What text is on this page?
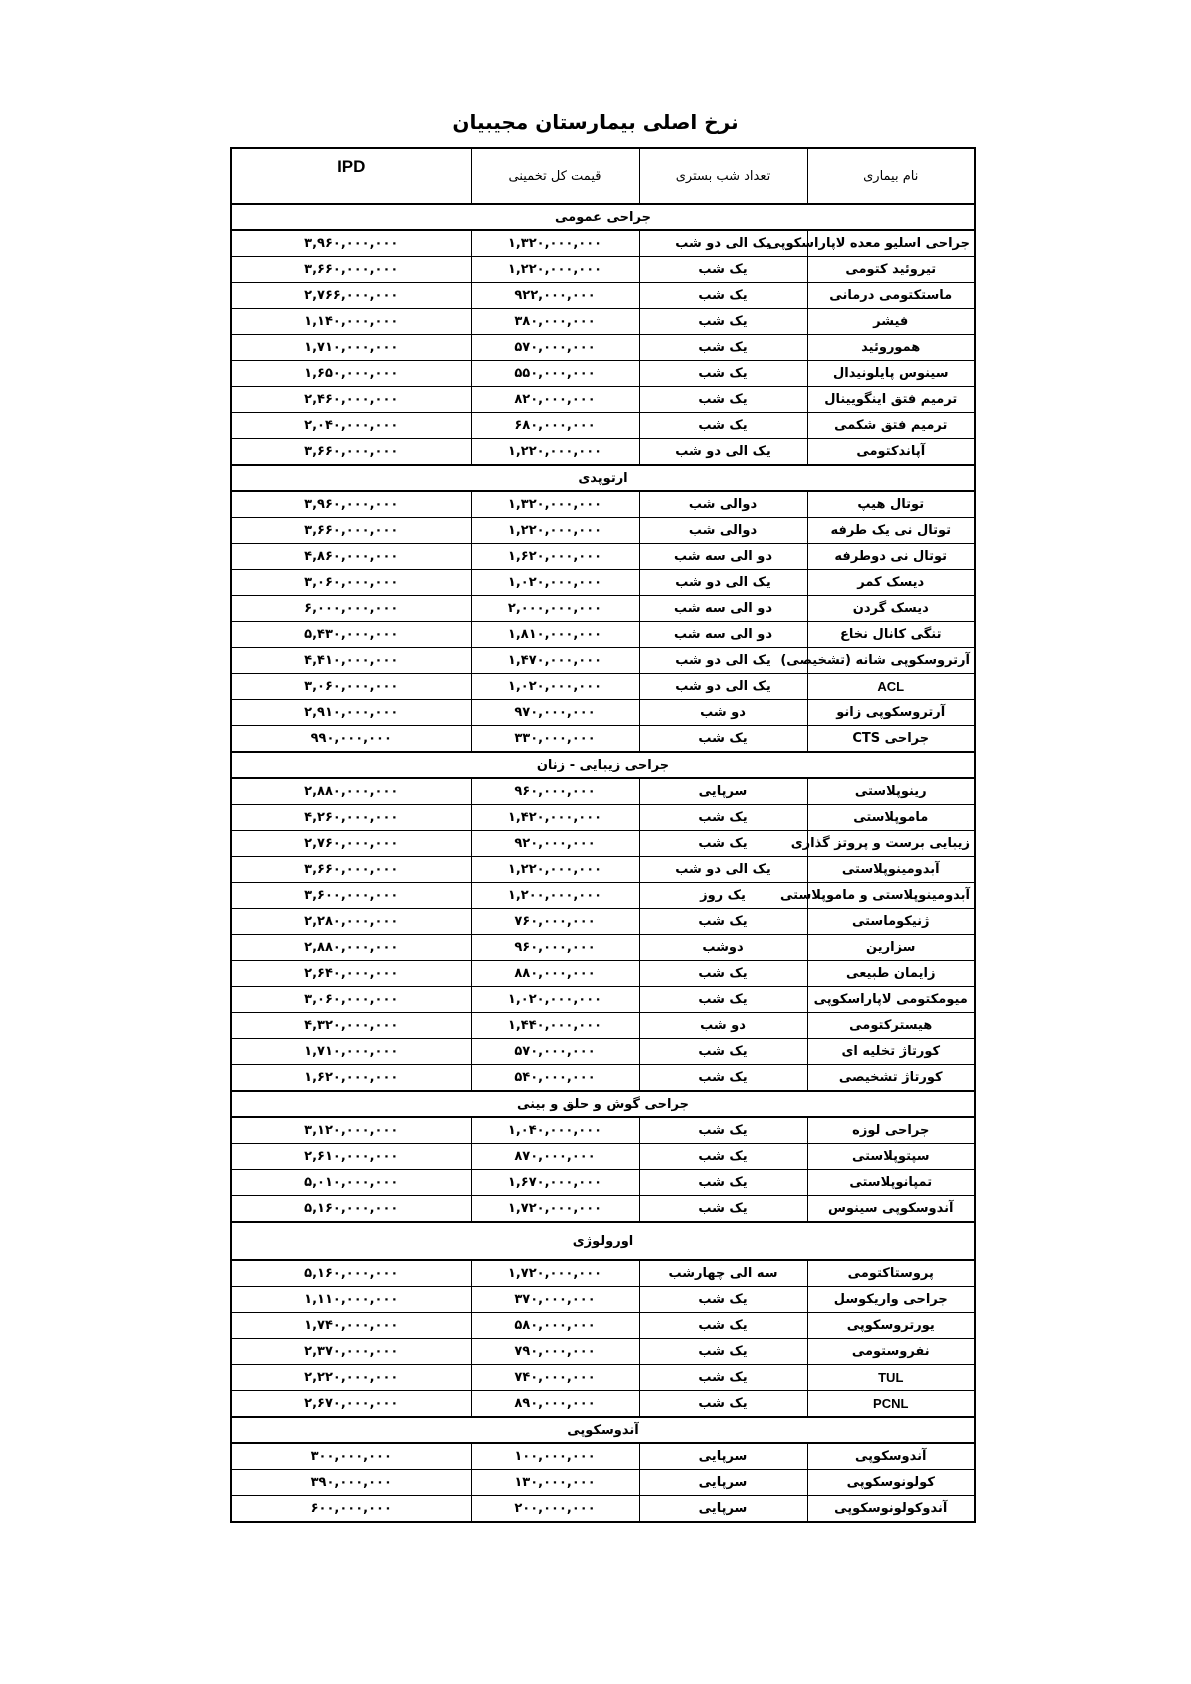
نرخ اصلی بیمارستان مجیبیان
نام بیماری	تعداد شب بستری	قیمت کل تخمینی	IPD
جراحی عمومی			
جراحی اسلیو معده لاپاراسکوپی	یک الی دو شب	۱,۳۲۰,۰۰۰,۰۰۰	۳,۹۶۰,۰۰۰,۰۰۰
تیروئید کتومی	یک شب	۱,۲۲۰,۰۰۰,۰۰۰	۳,۶۶۰,۰۰۰,۰۰۰
ماستکتومی درمانی	یک شب	۹۲۲,۰۰۰,۰۰۰	۲,۷۶۶,۰۰۰,۰۰۰
فیشر	یک شب	۳۸۰,۰۰۰,۰۰۰	۱,۱۴۰,۰۰۰,۰۰۰
هموروئید	یک شب	۵۷۰,۰۰۰,۰۰۰	۱,۷۱۰,۰۰۰,۰۰۰
سینوس پایلونیدال	یک شب	۵۵۰,۰۰۰,۰۰۰	۱,۶۵۰,۰۰۰,۰۰۰
ترمیم فتق اینگویینال	یک شب	۸۲۰,۰۰۰,۰۰۰	۲,۴۶۰,۰۰۰,۰۰۰
ترمیم فتق شکمی	یک شب	۶۸۰,۰۰۰,۰۰۰	۲,۰۴۰,۰۰۰,۰۰۰
آپاندکتومی	یک الی دو شب	۱,۲۲۰,۰۰۰,۰۰۰	۳,۶۶۰,۰۰۰,۰۰۰
ارتوپدی			
توتال هیپ	دوالی شب	۱,۳۲۰,۰۰۰,۰۰۰	۳,۹۶۰,۰۰۰,۰۰۰
توتال نی یک طرفه	دوالی شب	۱,۲۲۰,۰۰۰,۰۰۰	۳,۶۶۰,۰۰۰,۰۰۰
توتال نی دوطرفه	دو الی سه شب	۱,۶۲۰,۰۰۰,۰۰۰	۴,۸۶۰,۰۰۰,۰۰۰
دیسک کمر	یک الی دو شب	۱,۰۲۰,۰۰۰,۰۰۰	۳,۰۶۰,۰۰۰,۰۰۰
دیسک گردن	دو الی سه شب	۲,۰۰۰,۰۰۰,۰۰۰	۶,۰۰۰,۰۰۰,۰۰۰
تنگی کانال نخاع	دو الی سه شب	۱,۸۱۰,۰۰۰,۰۰۰	۵,۴۳۰,۰۰۰,۰۰۰
آرتروسکوپی شانه (تشخیصی)	یک الی دو شب	۱,۴۷۰,۰۰۰,۰۰۰	۴,۴۱۰,۰۰۰,۰۰۰
ACL	یک الی دو شب	۱,۰۲۰,۰۰۰,۰۰۰	۳,۰۶۰,۰۰۰,۰۰۰
آرتروسکوپی زانو	دو شب	۹۷۰,۰۰۰,۰۰۰	۲,۹۱۰,۰۰۰,۰۰۰
جراحی CTS	یک شب	۳۳۰,۰۰۰,۰۰۰	۹۹۰,۰۰۰,۰۰۰
جراحی زیبایی - زنان			
رینوپلاستی	سرپایی	۹۶۰,۰۰۰,۰۰۰	۲,۸۸۰,۰۰۰,۰۰۰
ماموپلاستی	یک شب	۱,۴۲۰,۰۰۰,۰۰۰	۴,۲۶۰,۰۰۰,۰۰۰
زیبایی برست و پروتز گذاری	یک شب	۹۲۰,۰۰۰,۰۰۰	۲,۷۶۰,۰۰۰,۰۰۰
آبدومینوپلاستی	یک الی دو شب	۱,۲۲۰,۰۰۰,۰۰۰	۳,۶۶۰,۰۰۰,۰۰۰
آبدومینوپلاستی و ماموپلاستی	یک روز	۱,۲۰۰,۰۰۰,۰۰۰	۳,۶۰۰,۰۰۰,۰۰۰
ژنیکوماستی	یک شب	۷۶۰,۰۰۰,۰۰۰	۲,۲۸۰,۰۰۰,۰۰۰
سزارین	دوشب	۹۶۰,۰۰۰,۰۰۰	۲,۸۸۰,۰۰۰,۰۰۰
زایمان طبیعی	یک شب	۸۸۰,۰۰۰,۰۰۰	۲,۶۴۰,۰۰۰,۰۰۰
میومکتومی لاپاراسکوپی	یک شب	۱,۰۲۰,۰۰۰,۰۰۰	۳,۰۶۰,۰۰۰,۰۰۰
هیسترکتومی	دو شب	۱,۴۴۰,۰۰۰,۰۰۰	۴,۳۲۰,۰۰۰,۰۰۰
کورتاژ تخلیه ای	یک شب	۵۷۰,۰۰۰,۰۰۰	۱,۷۱۰,۰۰۰,۰۰۰
کورتاژ تشخیصی	یک شب	۵۴۰,۰۰۰,۰۰۰	۱,۶۲۰,۰۰۰,۰۰۰
جراحی گوش و حلق و بینی			
جراحی لوزه	یک شب	۱,۰۴۰,۰۰۰,۰۰۰	۳,۱۲۰,۰۰۰,۰۰۰
سپتوپلاستی	یک شب	۸۷۰,۰۰۰,۰۰۰	۲,۶۱۰,۰۰۰,۰۰۰
تمپانوپلاستی	یک شب	۱,۶۷۰,۰۰۰,۰۰۰	۵,۰۱۰,۰۰۰,۰۰۰
آندوسکوپی سینوس	یک شب	۱,۷۲۰,۰۰۰,۰۰۰	۵,۱۶۰,۰۰۰,۰۰۰
اورولوژی			
پروستاکتومی	سه الی چهارشب	۱,۷۲۰,۰۰۰,۰۰۰	۵,۱۶۰,۰۰۰,۰۰۰
جراحی واریکوسل	یک شب	۳۷۰,۰۰۰,۰۰۰	۱,۱۱۰,۰۰۰,۰۰۰
یورتروسکوپی	یک شب	۵۸۰,۰۰۰,۰۰۰	۱,۷۴۰,۰۰۰,۰۰۰
نفروستومی	یک شب	۷۹۰,۰۰۰,۰۰۰	۲,۳۷۰,۰۰۰,۰۰۰
TUL	یک شب	۷۴۰,۰۰۰,۰۰۰	۲,۲۲۰,۰۰۰,۰۰۰
PCNL	یک شب	۸۹۰,۰۰۰,۰۰۰	۲,۶۷۰,۰۰۰,۰۰۰
آندوسکوپی			
آندوسکوپی	سرپایی	۱۰۰,۰۰۰,۰۰۰	۳۰۰,۰۰۰,۰۰۰
کولونوسکوپی	سرپایی	۱۳۰,۰۰۰,۰۰۰	۳۹۰,۰۰۰,۰۰۰
آندوکولونوسکوپی	سرپایی	۲۰۰,۰۰۰,۰۰۰	۶۰۰,۰۰۰,۰۰۰
